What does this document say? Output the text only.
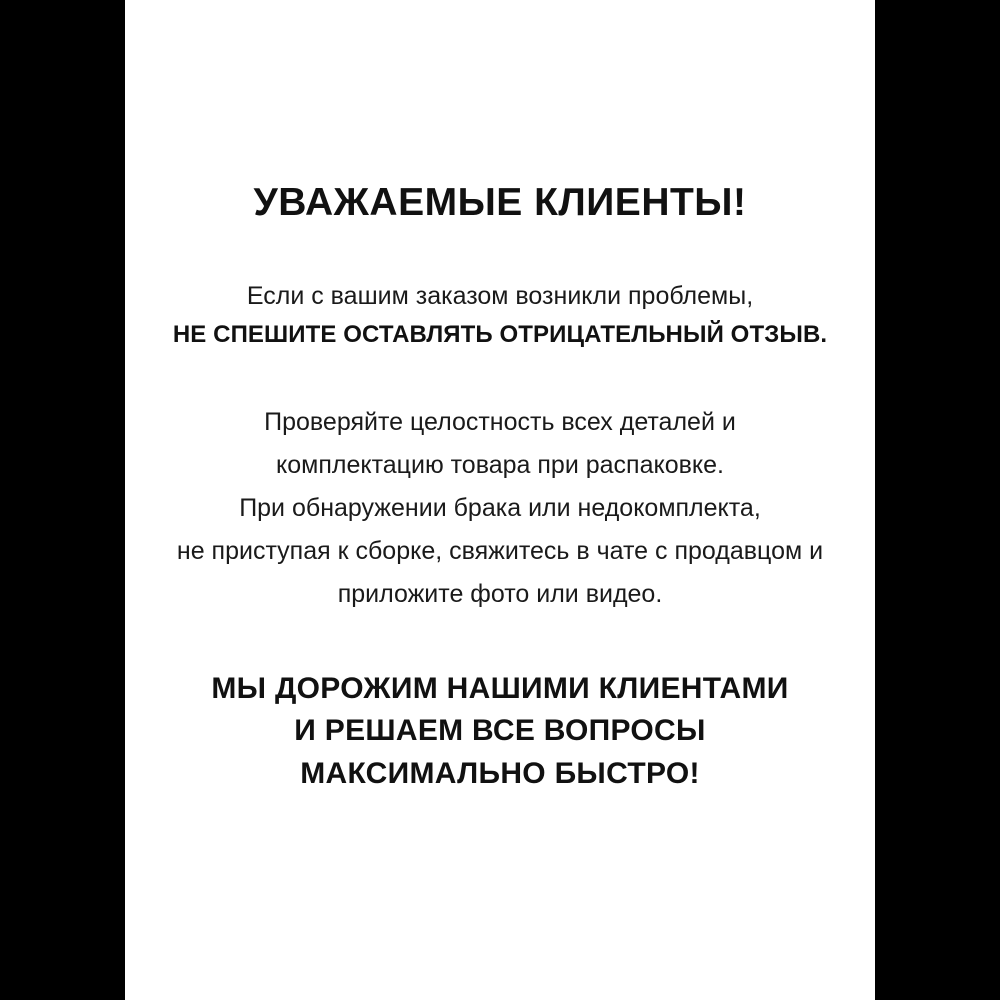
УВАЖАЕМЫЕ КЛИЕНТЫ!
Если с вашим заказом возникли проблемы,
НЕ СПЕШИТЕ ОСТАВЛЯТЬ ОТРИЦАТЕЛЬНЫЙ ОТЗЫВ.
Проверяйте целостность всех деталей и
комплектацию товара при распаковке.
При обнаружении брака или недокомплекта,
не приступая к сборке, свяжитесь в чате с продавцом и
приложите фото или видео.
МЫ ДОРОЖИМ НАШИМИ КЛИЕНТАМИ
И РЕШАЕМ ВСЕ ВОПРОСЫ
МАКСИМАЛЬНО БЫСТРО!
